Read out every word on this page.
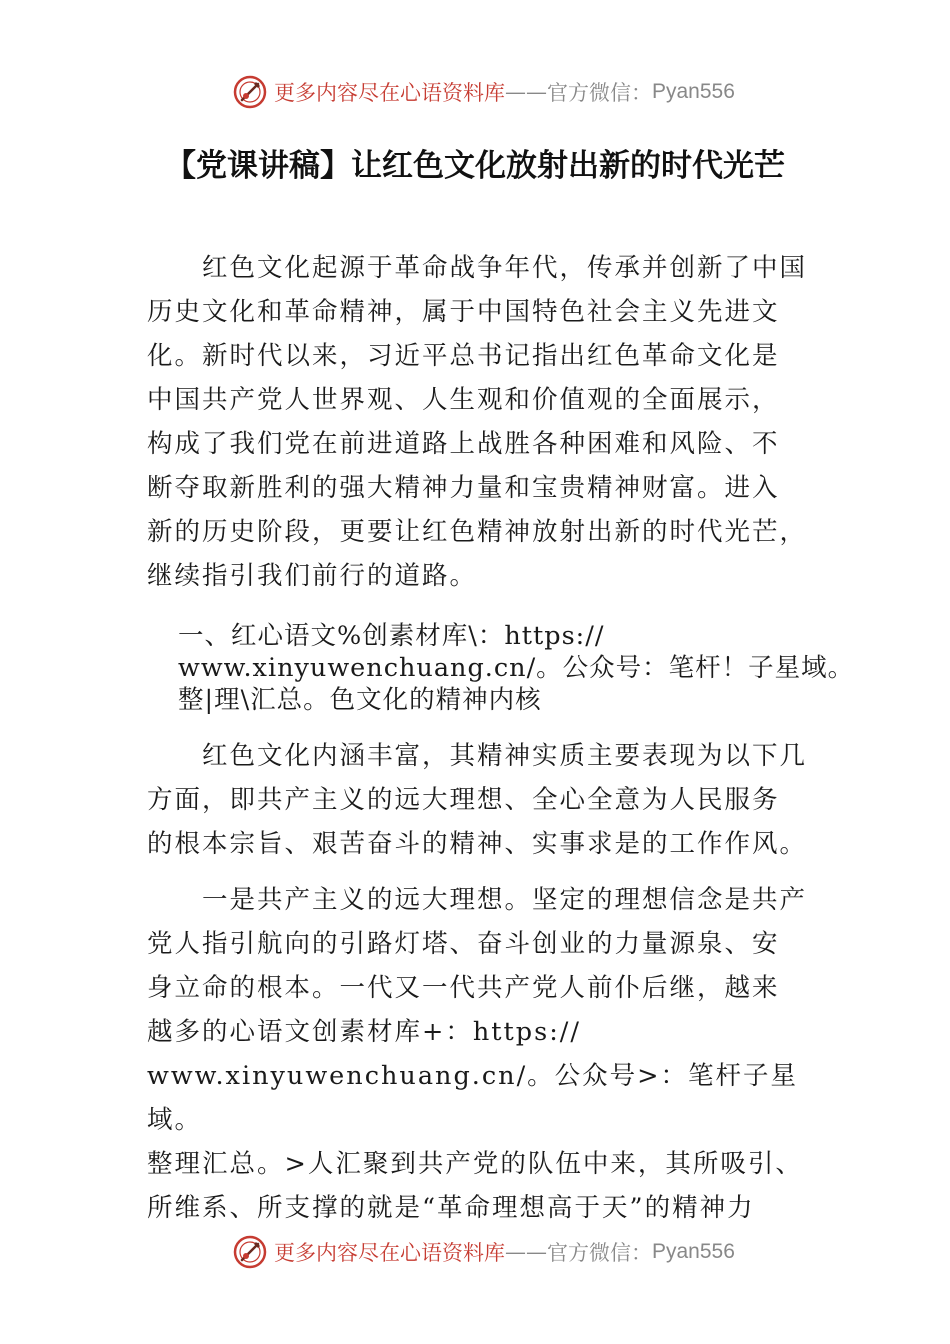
更多内容尽在心语资料库 —— 官方微信： Pyan556
【党课讲稿】让红色文化放射出新的时代光芒
　　红色文化起源于革命战争年代，传承并创新了中国
历史文化和革命精神，属于中国特色社会主义先进文
化。新时代以来，习近平总书记指出红色革命文化是
中国共产党人世界观、人生观和价值观的全面展示，
构成了我们党在前进道路上战胜各种困难和风险、不
断夺取新胜利的强大精神力量和宝贵精神财富。进入
新的历史阶段，更要让红色精神放射出新的时代光芒，
继续指引我们前行的道路。
一、红心语文%创素材库\：https://
www.xinyuwenchuang.cn/。公众号：笔杆！子星域。
整|理\汇总。色文化的精神内核
　　红色文化内涵丰富，其精神实质主要表现为以下几
方面，即共产主义的远大理想、全心全意为人民服务
的根本宗旨、艰苦奋斗的精神、实事求是的工作作风。
　　一是共产主义的远大理想。坚定的理想信念是共产
党人指引航向的引路灯塔、奋斗创业的力量源泉、安
身立命的根本。一代又一代共产党人前仆后继，越来
越多的心语文创素材库+：https://
www.xinyuwenchuang.cn/。公众号>：笔杆子星域。
整理汇总。>人汇聚到共产党的队伍中来，其所吸引、
所维系、所支撑的就是“革命理想高于天”的精神力
更多内容尽在心语资料库 —— 官方微信： Pyan556
